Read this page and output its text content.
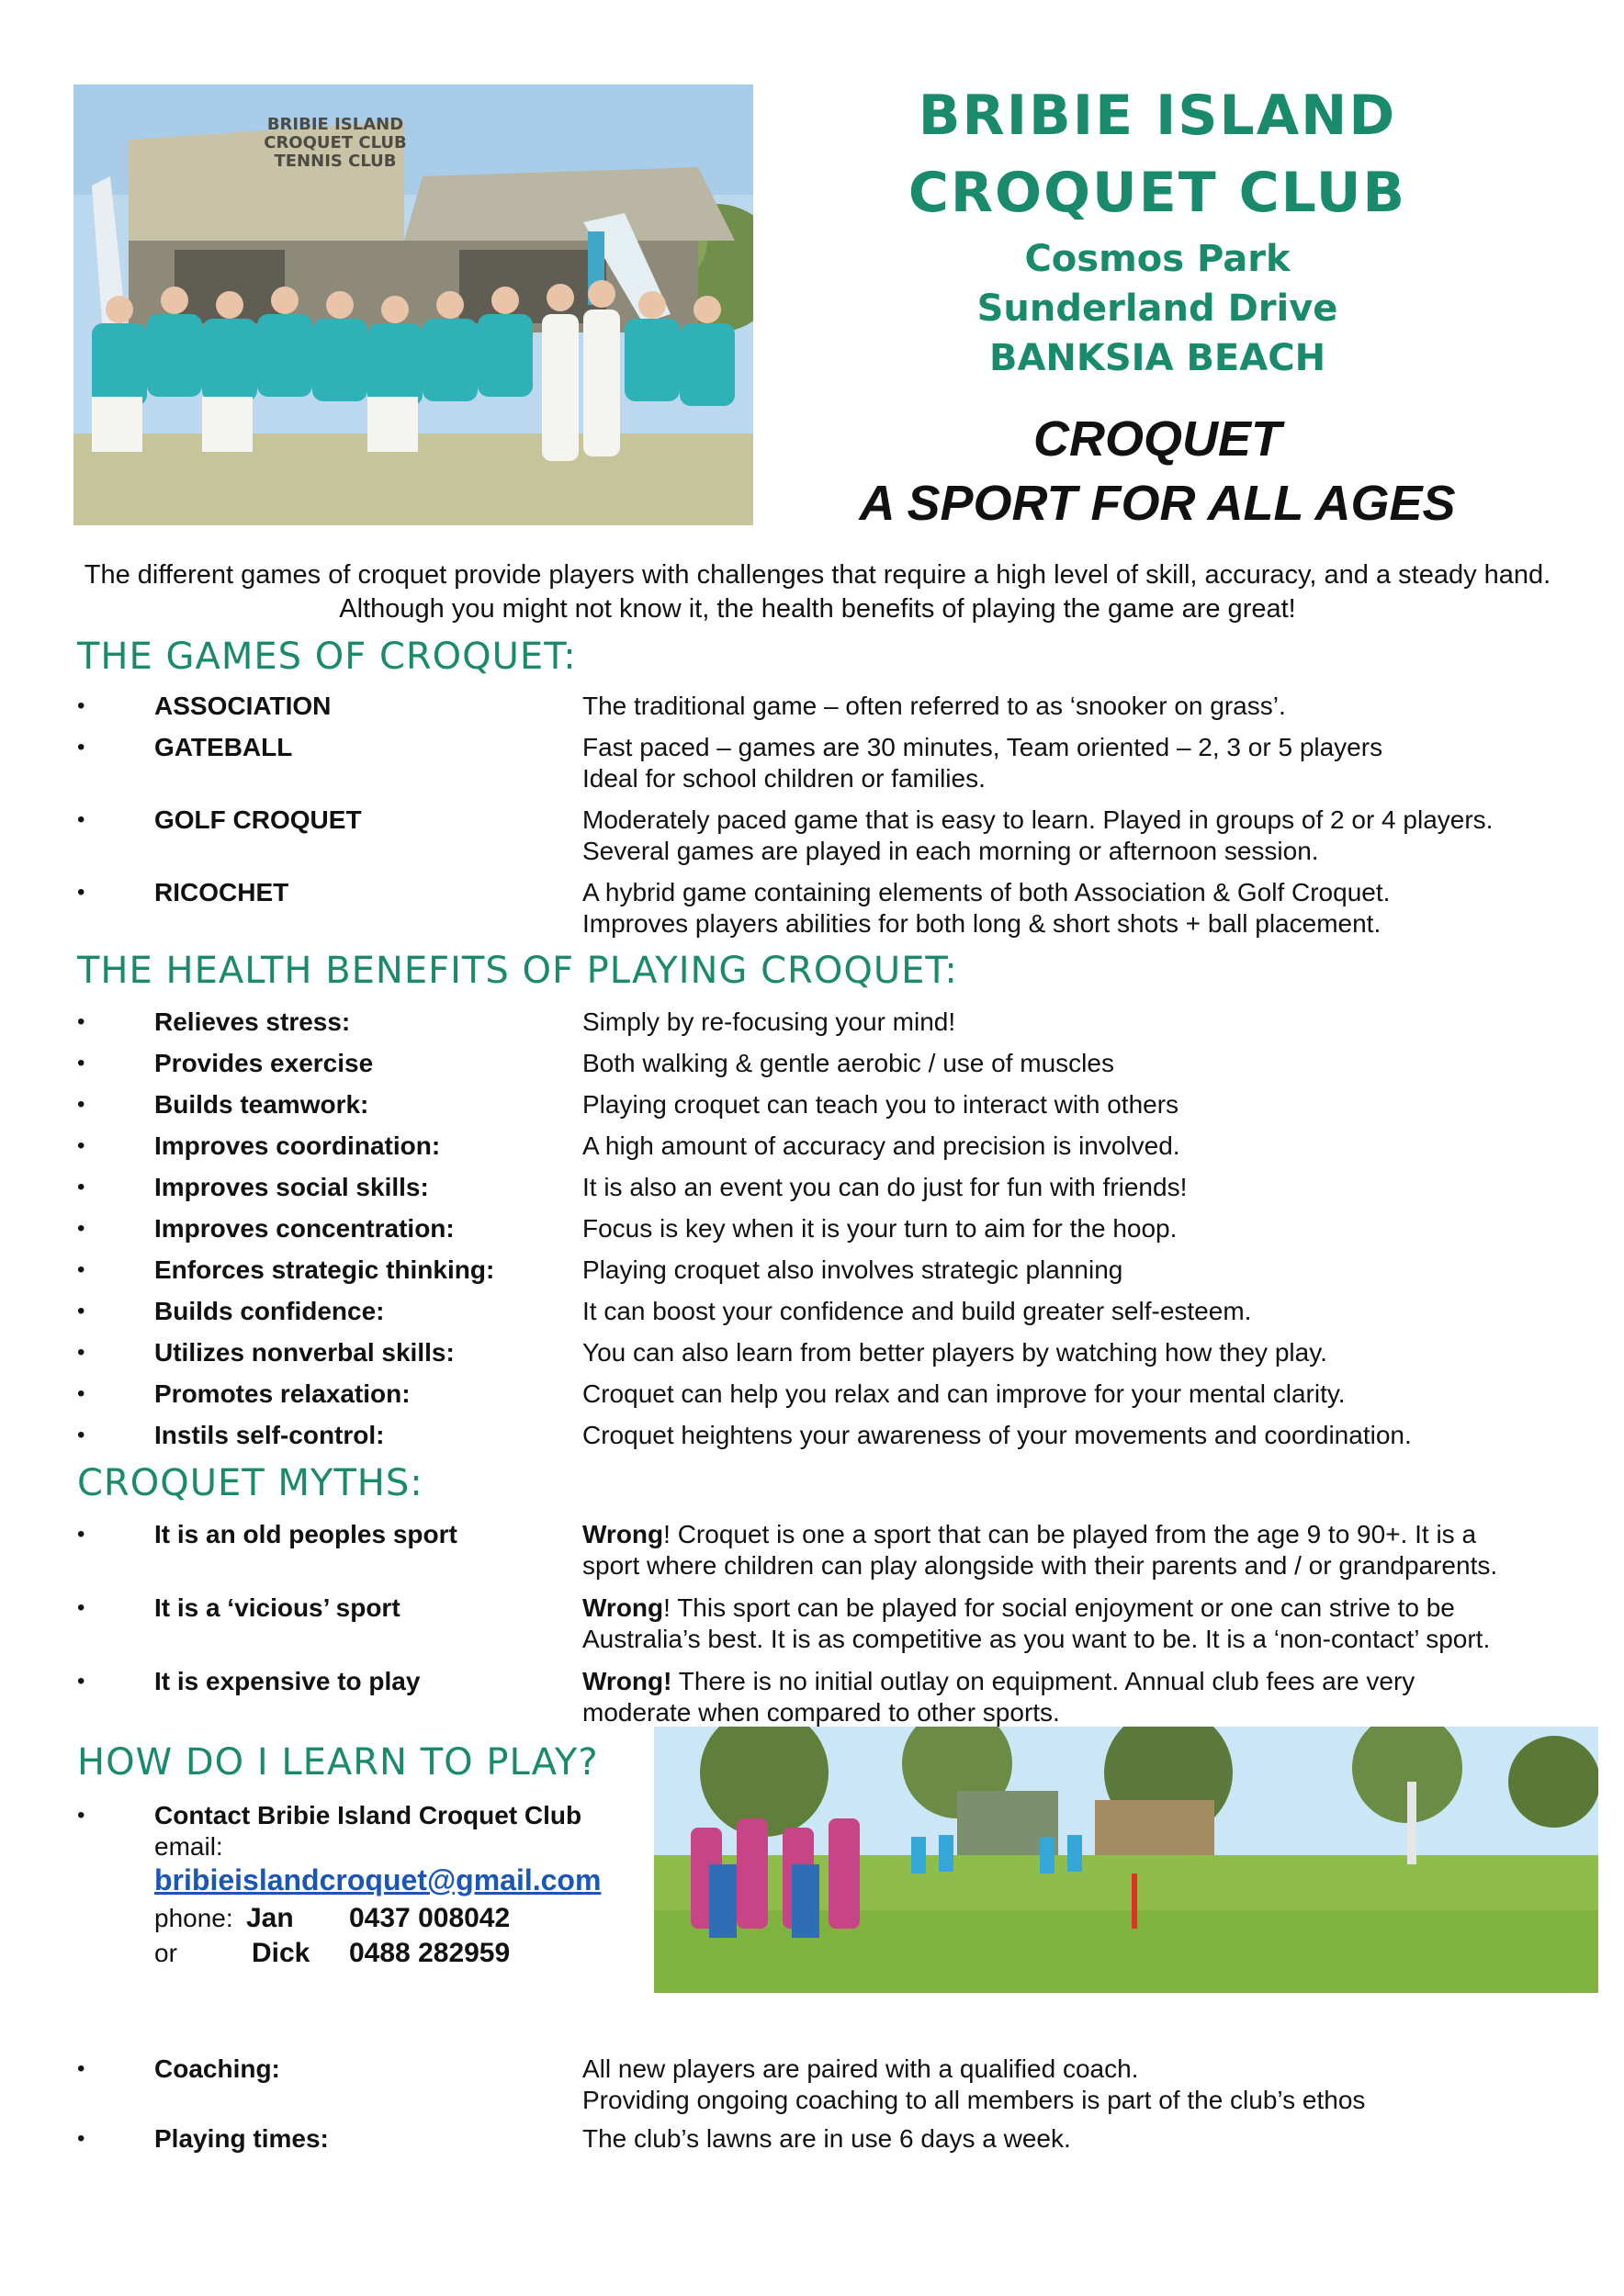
BRIBIE ISLAND
CROQUET CLUB
TENNIS CLUB
BRIBIE ISLAND
CROQUET CLUB
Cosmos Park
Sunderland Drive
BANKSIA BEACH
CROQUET
A SPORT FOR ALL AGES
The different games of croquet provide players with challenges that require a high level of skill, accuracy, and a steady hand. Although you might not know it, the health benefits of playing the game are great!
THE GAMES OF CROQUET:
•	ASSOCIATION	The traditional game – often referred to as ‘snooker on grass’.
•	GATEBALL	Fast paced – games are 30 minutes, Team oriented – 2, 3 or 5 players
Ideal for school children or families.
•	GOLF CROQUET	Moderately paced game that is easy to learn. Played in groups of 2 or 4 players.
Several games are played in each morning or afternoon session.
•	RICOCHET	A hybrid game containing elements of both Association & Golf Croquet.
Improves players abilities for both long & short shots + ball placement.
THE HEALTH BENEFITS OF PLAYING CROQUET:
•	Relieves stress:	Simply by re-focusing your mind!
•	Provides exercise	Both walking & gentle aerobic / use of muscles
•	Builds teamwork:	Playing croquet can teach you to interact with others
•	Improves coordination:	A high amount of accuracy and precision is involved.
•	Improves social skills:	It is also an event you can do just for fun with friends!
•	Improves concentration:	Focus is key when it is your turn to aim for the hoop.
•	Enforces strategic thinking:	Playing croquet also involves strategic planning
•	Builds confidence:	It can boost your confidence and build greater self-esteem.
•	Utilizes nonverbal skills:	You can also learn from better players by watching how they play.
•	Promotes relaxation:	Croquet can help you relax and can improve for your mental clarity.
•	Instils self-control:	Croquet heightens your awareness of your movements and coordination.
CROQUET MYTHS:
•	It is an old peoples sport	Wrong! Croquet is one a sport that can be played from the age 9 to 90+. It is a
sport where children can play alongside with their parents and / or grandparents.
•	It is a ‘vicious’ sport	Wrong! This sport can be played for social enjoyment or one can strive to be
Australia’s best. It is as competitive as you want to be. It is a ‘non-contact’ sport.
•	It is expensive to play	Wrong! There is no initial outlay on equipment. Annual club fees are very
moderate when compared to other sports.
HOW DO I LEARN TO PLAY?
•	Contact Bribie Island Croquet Club
email:
bribieislandcroquet@gmail.com
phone: Jan 0437 008042
or	Dick 0488 282959
•	Coaching:	All new players are paired with a qualified coach.
Providing ongoing coaching to all members is part of the club’s ethos
•	Playing times:	The club’s lawns are in use 6 days a week.
